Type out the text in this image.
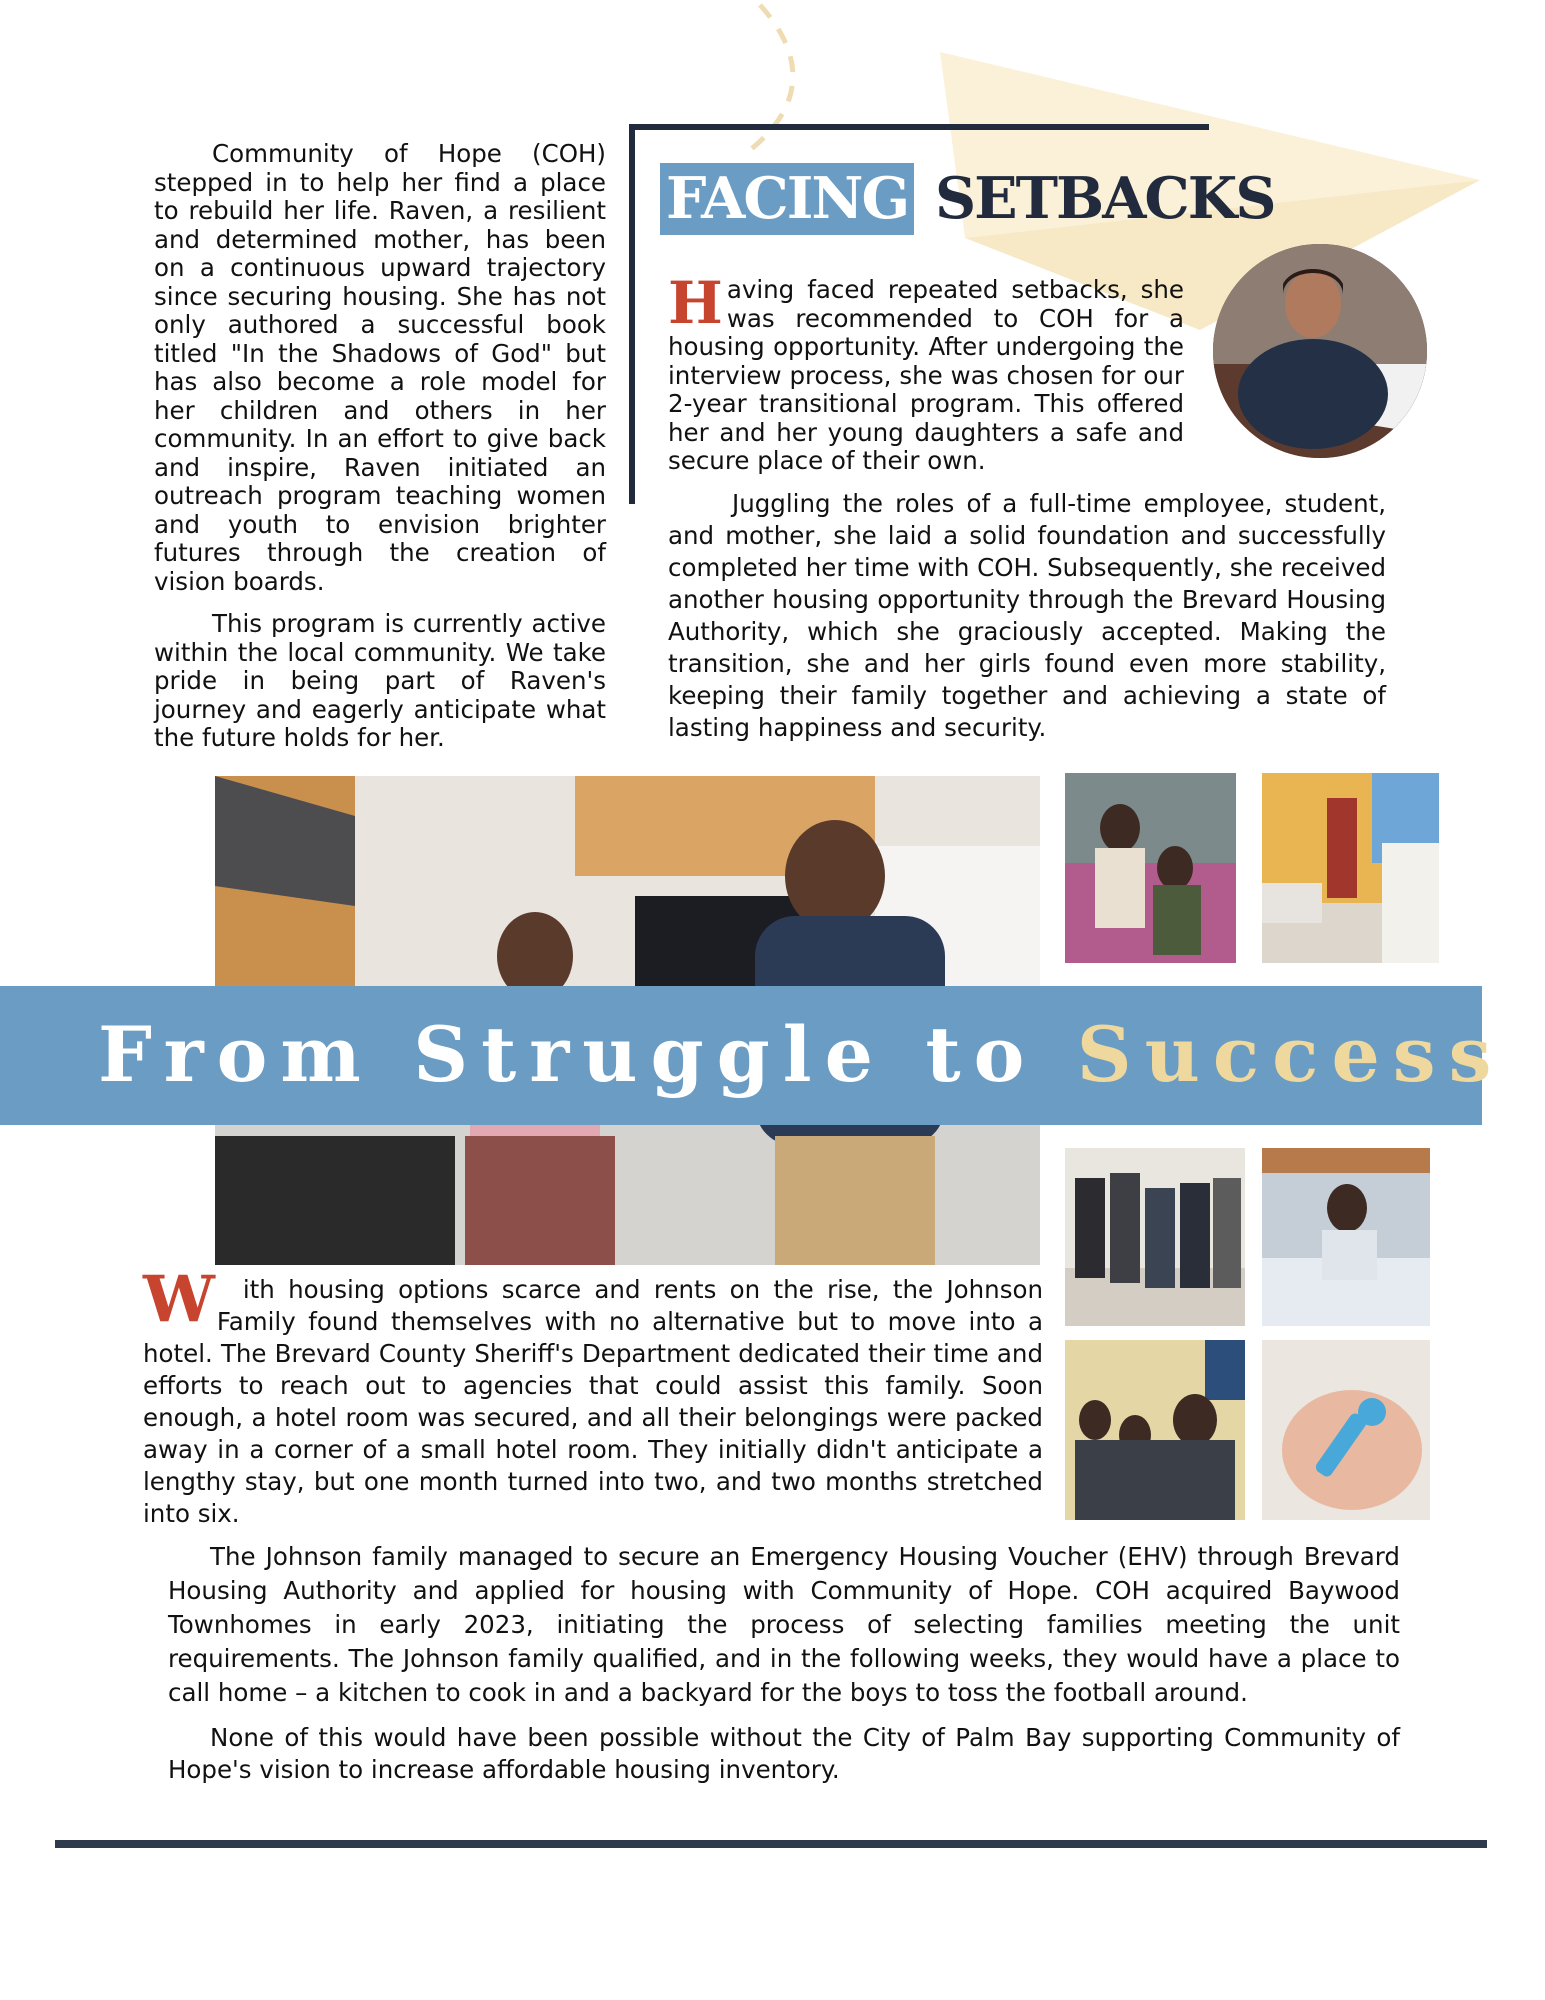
Community of Hope (COH) stepped in to help her find a place to rebuild her life. Raven, a resilient and determined mother, has been on a continuous upward trajectory since securing housing. She has not only authored a successful book titled "In the Shadows of God" but has also become a role model for her children and others in her community. In an effort to give back and inspire, Raven initiated an outreach program teaching women and youth to envision brighter futures through the creation of vision boards.

This program is currently active within the local community. We take pride in being part of Raven's journey and eagerly anticipate what the future holds for her.

FACING SETBACKS
Having faced repeated setbacks, she was recommended to COH for a housing opportunity. After undergoing the interview process, she was chosen for our 2-year transitional program. This offered her and her young daughters a safe and secure place of their own.
Juggling the roles of a full-time employee, student, and mother, she laid a solid foundation and successfully completed her time with COH. Subsequently, she received another housing opportunity through the Brevard Housing Authority, which she graciously accepted. Making the transition, she and her girls found even more stability, keeping their family together and achieving a state of lasting happiness and security.
From Struggle to Success
W ith housing options scarce and rents on the rise, the Johnson Family found themselves with no alternative but to move into a hotel. The Brevard County Sheriff's Department dedicated their time and efforts to reach out to agencies that could assist this family. Soon enough, a hotel room was secured, and all their belongings were packed away in a corner of a small hotel room. They initially didn't anticipate a lengthy stay, but one month turned into two, and two months stretched into six.
The Johnson family managed to secure an Emergency Housing Voucher (EHV) through Brevard Housing Authority and applied for housing with Community of Hope. COH acquired Baywood Townhomes in early 2023, initiating the process of selecting families meeting the unit requirements. The Johnson family qualified, and in the following weeks, they would have a place to call home – a kitchen to cook in and a backyard for the boys to toss the football around.
None of this would have been possible without the City of Palm Bay supporting Community of Hope's vision to increase affordable housing inventory.
